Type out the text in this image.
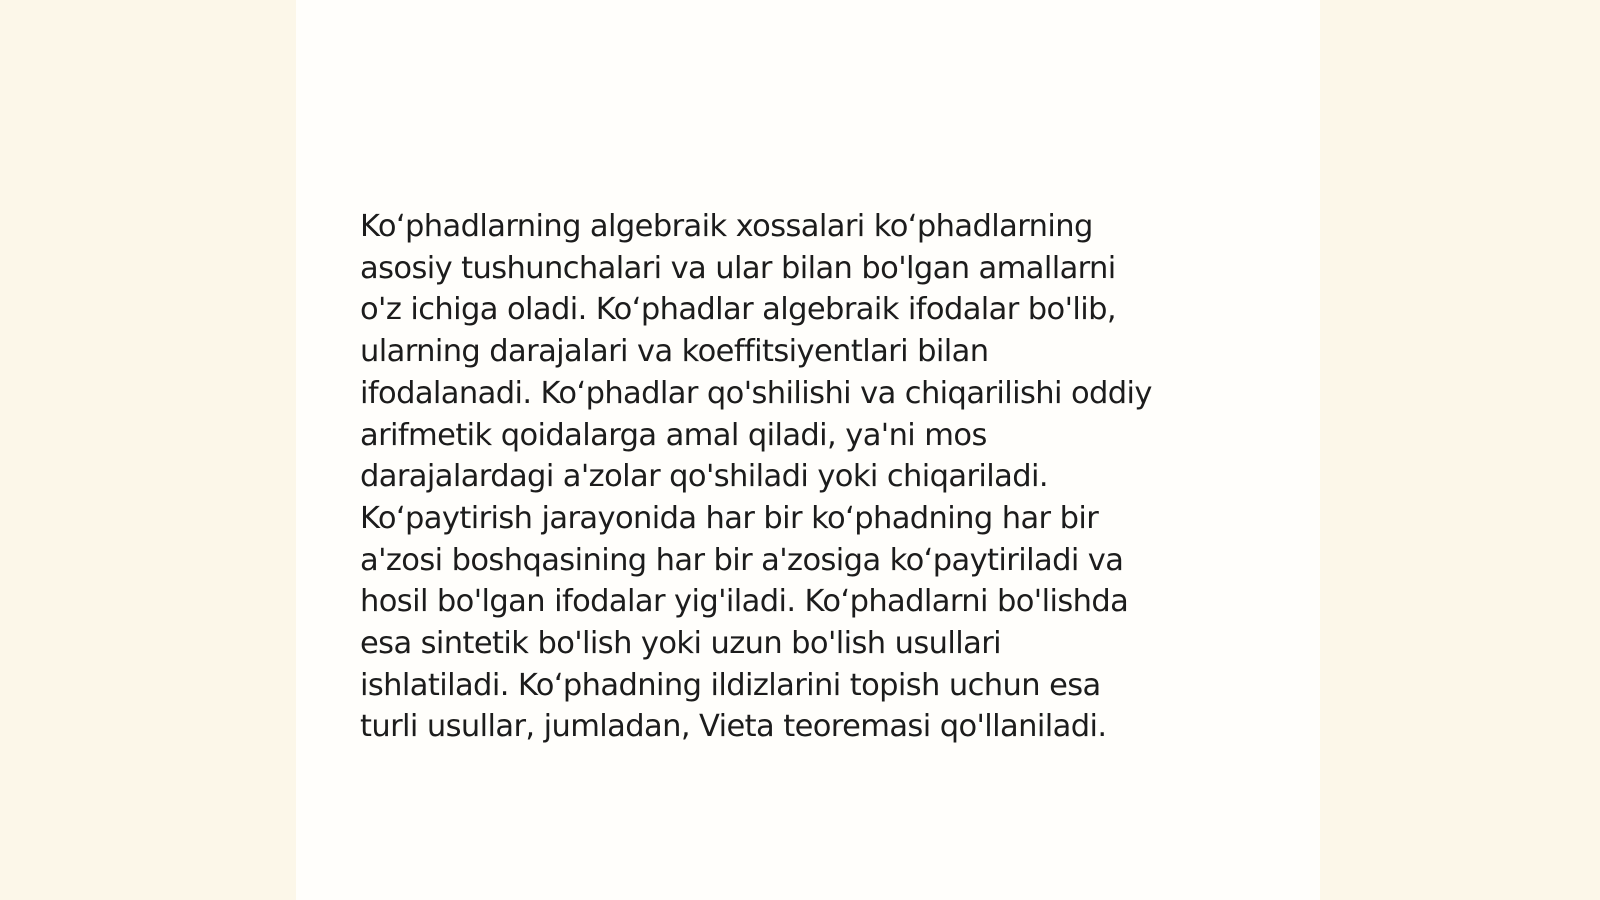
Ko‘phadlarning algebraik xossalari ko‘phadlarning
asosiy tushunchalari va ular bilan bo'lgan amallarni
o'z ichiga oladi. Ko‘phadlar algebraik ifodalar bo'lib,
ularning darajalari va koeffitsiyentlari bilan
ifodalanadi. Ko‘phadlar qo'shilishi va chiqarilishi oddiy
arifmetik qoidalarga amal qiladi, ya'ni mos
darajalardagi a'zolar qo'shiladi yoki chiqariladi.
Ko‘paytirish jarayonida har bir ko‘phadning har bir
a'zosi boshqasining har bir a'zosiga ko‘paytiriladi va
hosil bo'lgan ifodalar yig'iladi. Ko‘phadlarni bo'lishda
esa sintetik bo'lish yoki uzun bo'lish usullari
ishlatiladi. Ko‘phadning ildizlarini topish uchun esa
turli usullar, jumladan, Vieta teoremasi qo'llaniladi.
